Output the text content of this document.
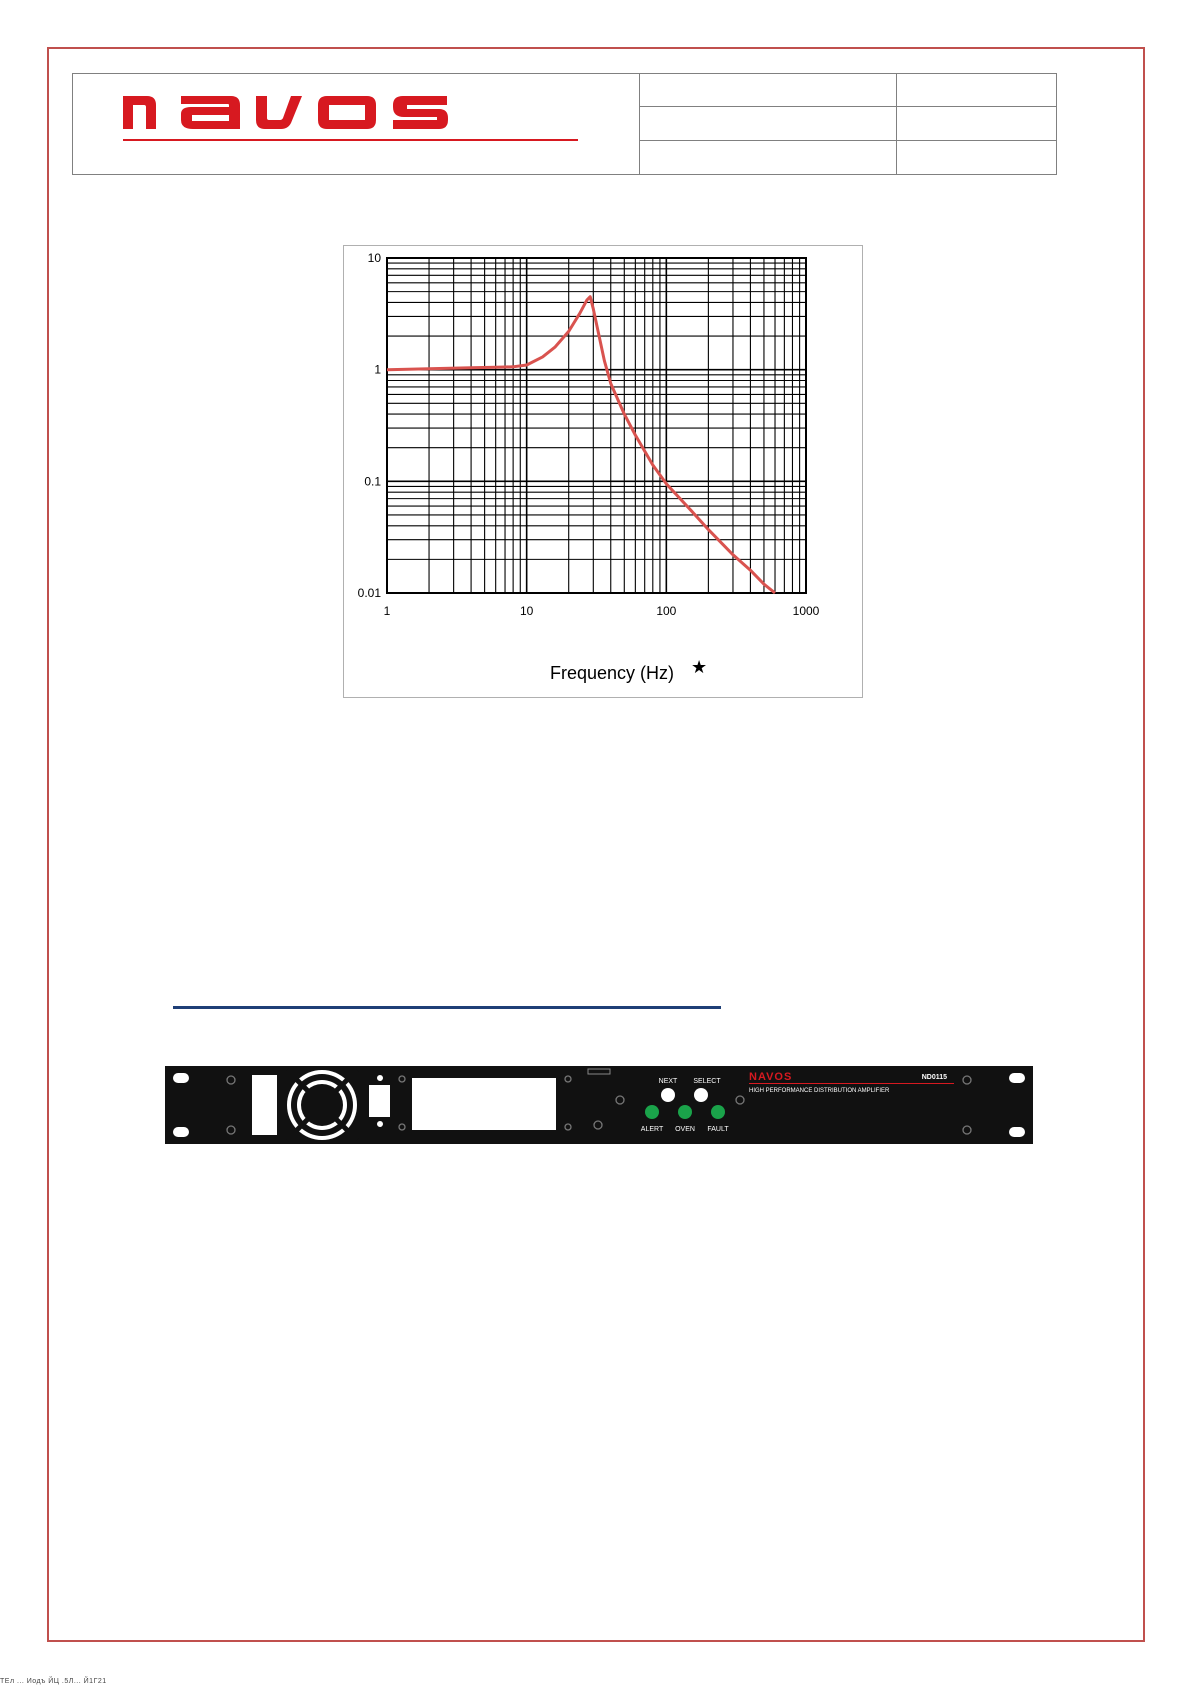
1	10	100	1000
10
1
0.1
0.01
Frequency (Hz) ★
NEXT SELECT
ALERT OVEN FAULT
NAVOS	ND0115
HIGH PERFORMANCE DISTRIBUTION AMPLIFIER
ТЕл ... Иодъ ЙЦ .5Л... Й1Г21
